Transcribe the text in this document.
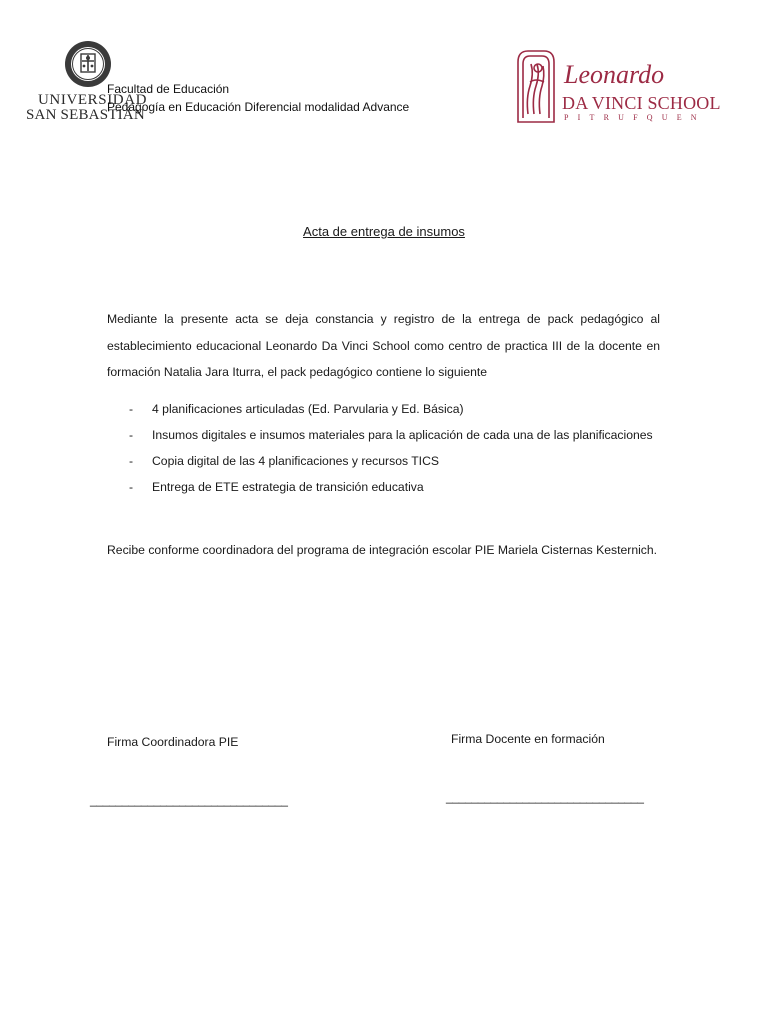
UNIVERSIDAD
SAN SEBASTIÁN
Facultad de Educación
Pedagogía en Educación Diferencial modalidad Advance
Leonardo
DA VINCI SCHOOL
PITRUFQUEN
Acta de entrega de insumos
Mediante la presente acta se deja constancia y registro de la entrega de pack pedagógico al establecimiento educacional Leonardo Da Vinci School como centro de practica III de la docente en formación Natalia Jara Iturra, el pack pedagógico contiene lo siguiente
- 4 planificaciones articuladas (Ed. Parvularia y Ed. Básica)
- Insumos digitales e insumos materiales para la aplicación de cada una de las planificaciones
- Copia digital de las 4 planificaciones y recursos TICS
- Entrega de ETE estrategia de transición educativa
Recibe conforme coordinadora del programa de integración escolar PIE Mariela Cisternas Kesternich.
Firma Coordinadora PIE	Firma Docente en formación
_______________________________	_______________________________
